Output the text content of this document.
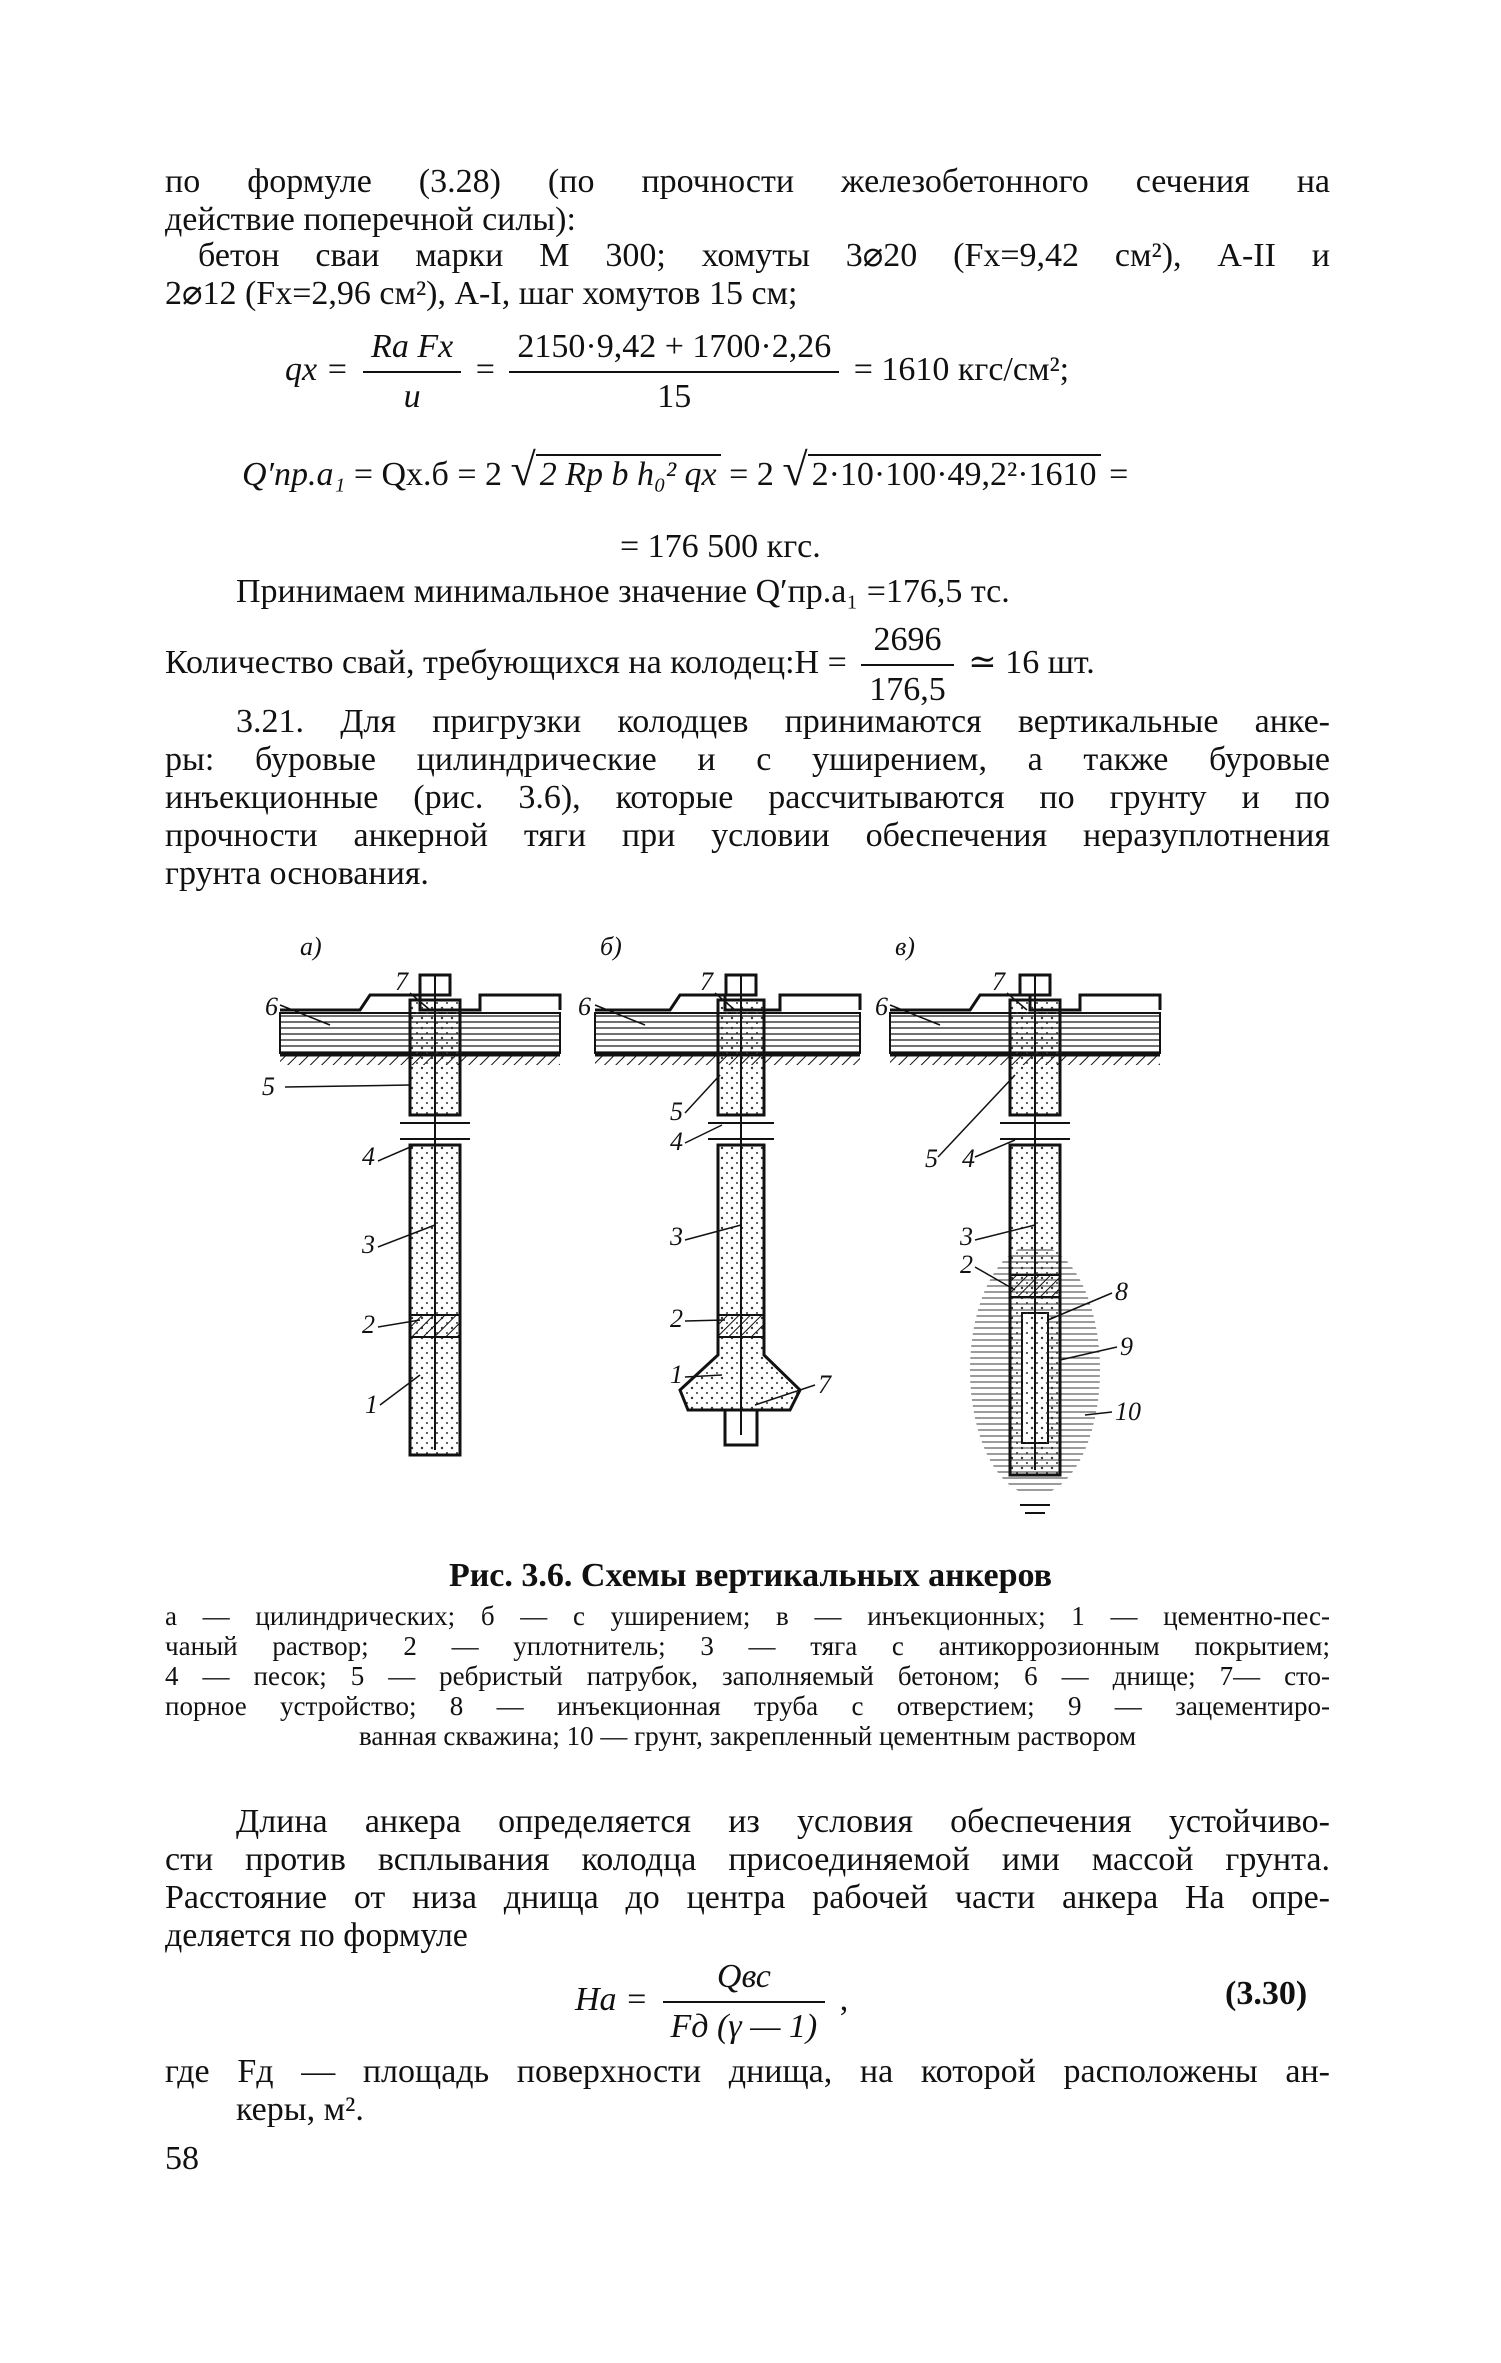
по формуле (3.28) (по прочности железобетонного сечения на
действие поперечной силы):
бетон сваи марки М 300; хомуты 3⌀20 (Fх=9,42 см²), А-II и
2⌀12 (Fх=2,96 см²), А-I, шаг хомутов 15 см;
qх = $\frac{\text{Rа Fх}}{u} = \frac{2150\cdot 9,42 + 1700\cdot 2,26}{15} = 1610$ кгс/см²;
Q′пр.а₁ = Qх.б = 2 √ 2 Rр b h₀² qх = 2 √ 2·10·100·49,2²·1610 =
= 176 500 кгс.
Принимаем минимальное значение Q′пр.а₁ =176,5 тс.
Количество свай, требующихся на колодец:Н = $\frac{2696}{176,5}$ ≃ 16 шт.
3.21. Для пригрузки колодцев принимаются вертикальные анке-
ры: буровые цилиндрические и с уширением, а также буровые
инъекционные (рис. 3.6), которые рассчитываются по грунту и по
прочности анкерной тяги при условии обеспечения неразуплотнения
грунта основания.
а)
6
7
5
4
3
2
1
б)
6
7
5
4
3
2
1	7
в)
6
7
5 4
3
2
8
9
10
Рис. 3.6. Схемы вертикальных анкеров
а — цилиндрических; б — с уширением; в — инъекционных; 1 — цементно-пес-
чаный раствор; 2 — уплотнитель; 3 — тяга с антикоррозионным покрытием;
4 — песок; 5 — ребристый патрубок, заполняемый бетоном; 6 — днище; 7— сто-
порное устройство; 8 — инъекционная труба с отверстием; 9 — зацементиро-
ванная скважина; 10 — грунт, закрепленный цементным раствором
Длина анкера определяется из условия обеспечения устойчиво-
сти против всплывания колодца присоединяемой ими массой грунта.
Расстояние от низа днища до центра рабочей части анкера Hа опре-
деляется по формуле
Hа = $\frac{\text{Qвс}}{Fд (\gamma — 1)}$ ,	(3.30)
где Fд — площадь поверхности днища, на которой расположены ан-
керы, м².
58
